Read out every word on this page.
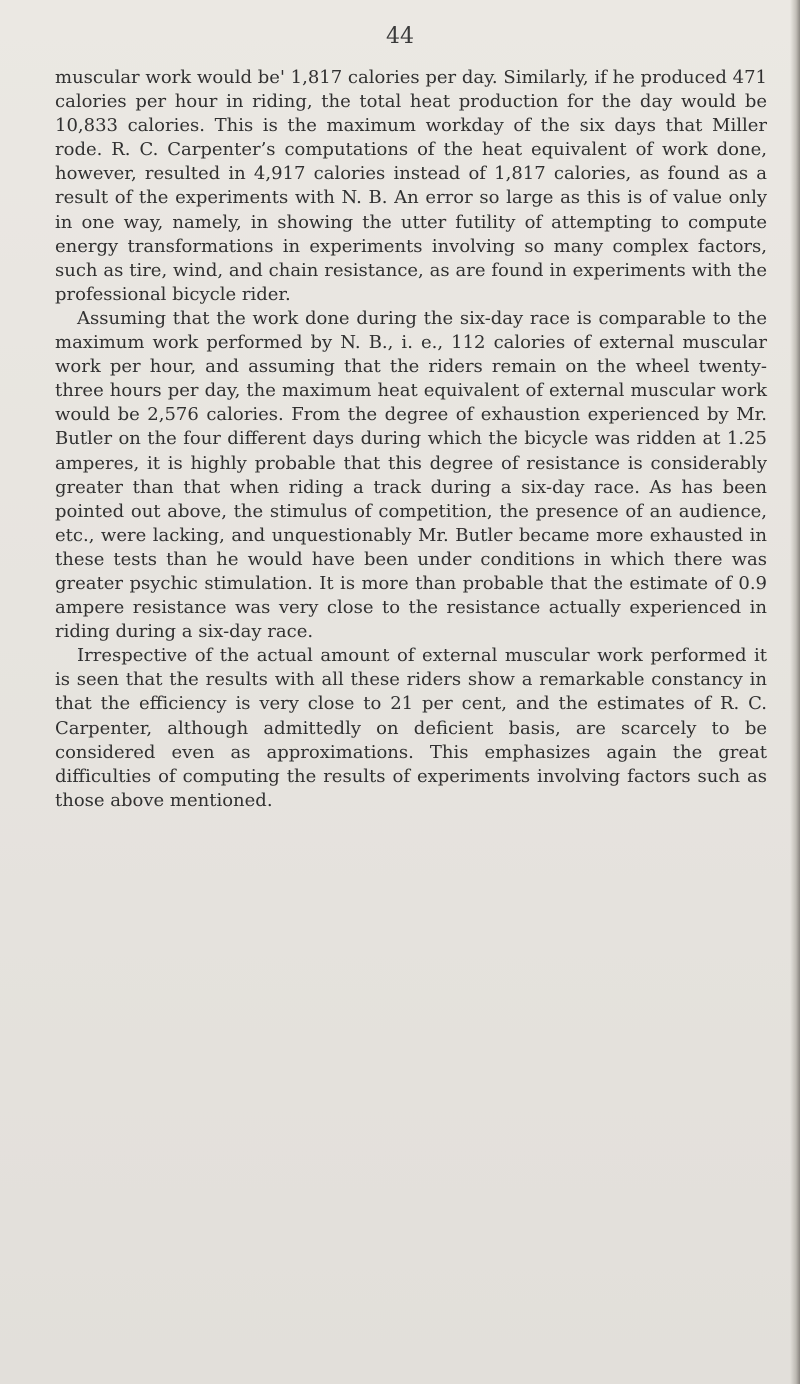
44

muscular work would be' 1,817 calories per day. Similarly, if he produced 471 calories per hour in riding, the total heat production for the day would be 10,833 calories. This is the maximum workday of the six days that Miller rode. R. C. Carpenter’s computations of the heat equivalent of work done, however, resulted in 4,917 calories instead of 1,817 calories, as found as a result of the experiments with N. B. An error so large as this is of value only in one way, namely, in showing the utter futility of attempting to compute energy transformations in experiments involving so many complex factors, such as tire, wind, and chain resistance, as are found in experiments with the professional bicycle rider.

Assuming that the work done during the six-day race is comparable to the maximum work performed by N. B., i. e., 112 calories of external muscular work per hour, and assuming that the riders remain on the wheel twenty-three hours per day, the maximum heat equivalent of external muscular work would be 2,576 calories. From the degree of exhaustion experienced by Mr. Butler on the four different days during which the bicycle was ridden at 1.25 amperes, it is highly probable that this degree of resistance is considerably greater than that when riding a track during a six-day race. As has been pointed out above, the stimulus of competition, the presence of an audience, etc., were lacking, and unquestionably Mr. Butler became more exhausted in these tests than he would have been under conditions in which there was greater psychic stimulation. It is more than probable that the estimate of 0.9 ampere resistance was very close to the resistance actually experienced in riding during a six-day race.

Irrespective of the actual amount of external muscular work performed it is seen that the results with all these riders show a remarkable constancy in that the efficiency is very close to 21 per cent, and the estimates of R. C. Carpenter, although admittedly on deficient basis, are scarcely to be considered even as approximations. This emphasizes again the great difficulties of computing the results of experiments involving factors such as those above mentioned.
